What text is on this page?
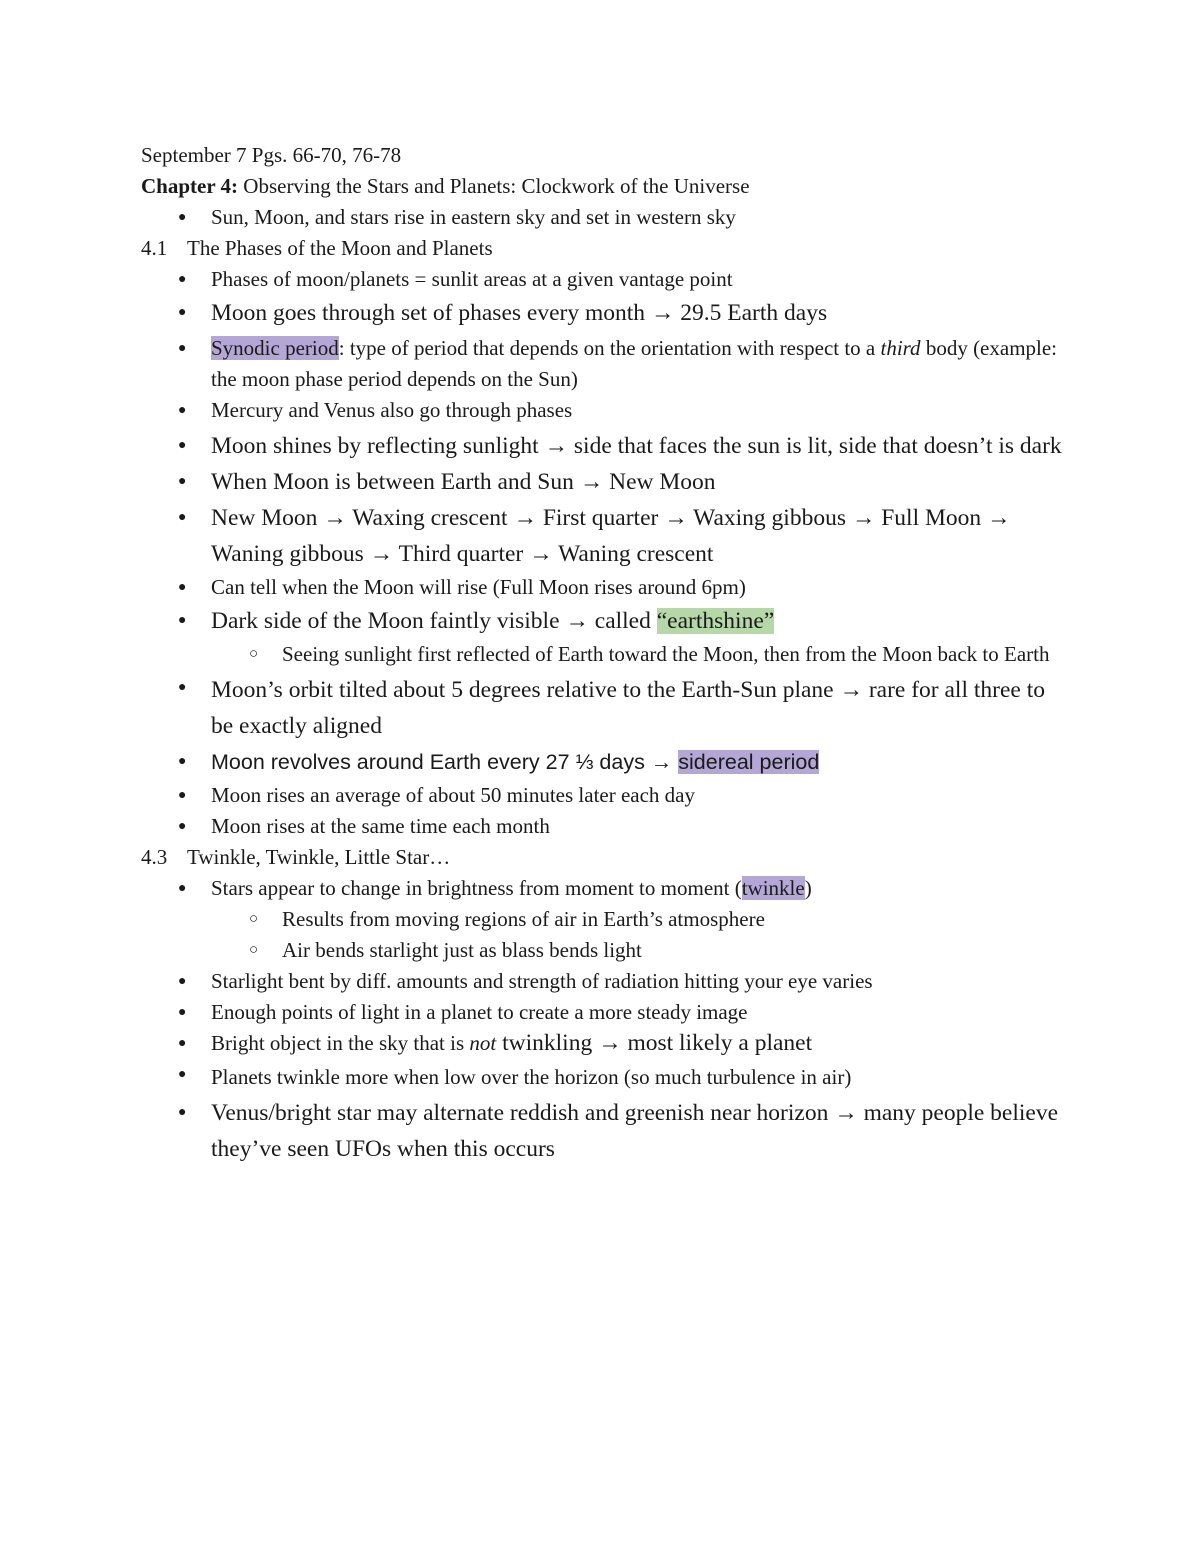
September 7 Pgs. 66-70, 76-78
Chapter 4: Observing the Stars and Planets: Clockwork of the Universe
● Sun, Moon, and stars rise in eastern sky and set in western sky
4.1 The Phases of the Moon and Planets
● Phases of moon/planets = sunlit areas at a given vantage point
● Moon goes through set of phases every month → 29.5 Earth days
● Synodic period: type of period that depends on the orientation with respect to a third body (example: the moon phase period depends on the Sun)
● Mercury and Venus also go through phases
● Moon shines by reflecting sunlight → side that faces the sun is lit, side that doesn’t is dark
● When Moon is between Earth and Sun → New Moon
● New Moon → Waxing crescent → First quarter → Waxing gibbous → Full Moon → Waning gibbous → Third quarter → Waning crescent
● Can tell when the Moon will rise (Full Moon rises around 6pm)
● Dark side of the Moon faintly visible → called “earthshine”
○ Seeing sunlight first reflected of Earth toward the Moon, then from the Moon back to Earth
● Moon’s orbit tilted about 5 degrees relative to the Earth-Sun plane → rare for all three to be exactly aligned
● Moon revolves around Earth every 27 ⅓ days → sidereal period
● Moon rises an average of about 50 minutes later each day
● Moon rises at the same time each month
4.3 Twinkle, Twinkle, Little Star…
● Stars appear to change in brightness from moment to moment (twinkle)
○ Results from moving regions of air in Earth’s atmosphere
○ Air bends starlight just as blass bends light
● Starlight bent by diff. amounts and strength of radiation hitting your eye varies
● Enough points of light in a planet to create a more steady image
● Bright object in the sky that is not twinkling → most likely a planet
● Planets twinkle more when low over the horizon (so much turbulence in air)
● Venus/bright star may alternate reddish and greenish near horizon → many people believe they’ve seen UFOs when this occurs
